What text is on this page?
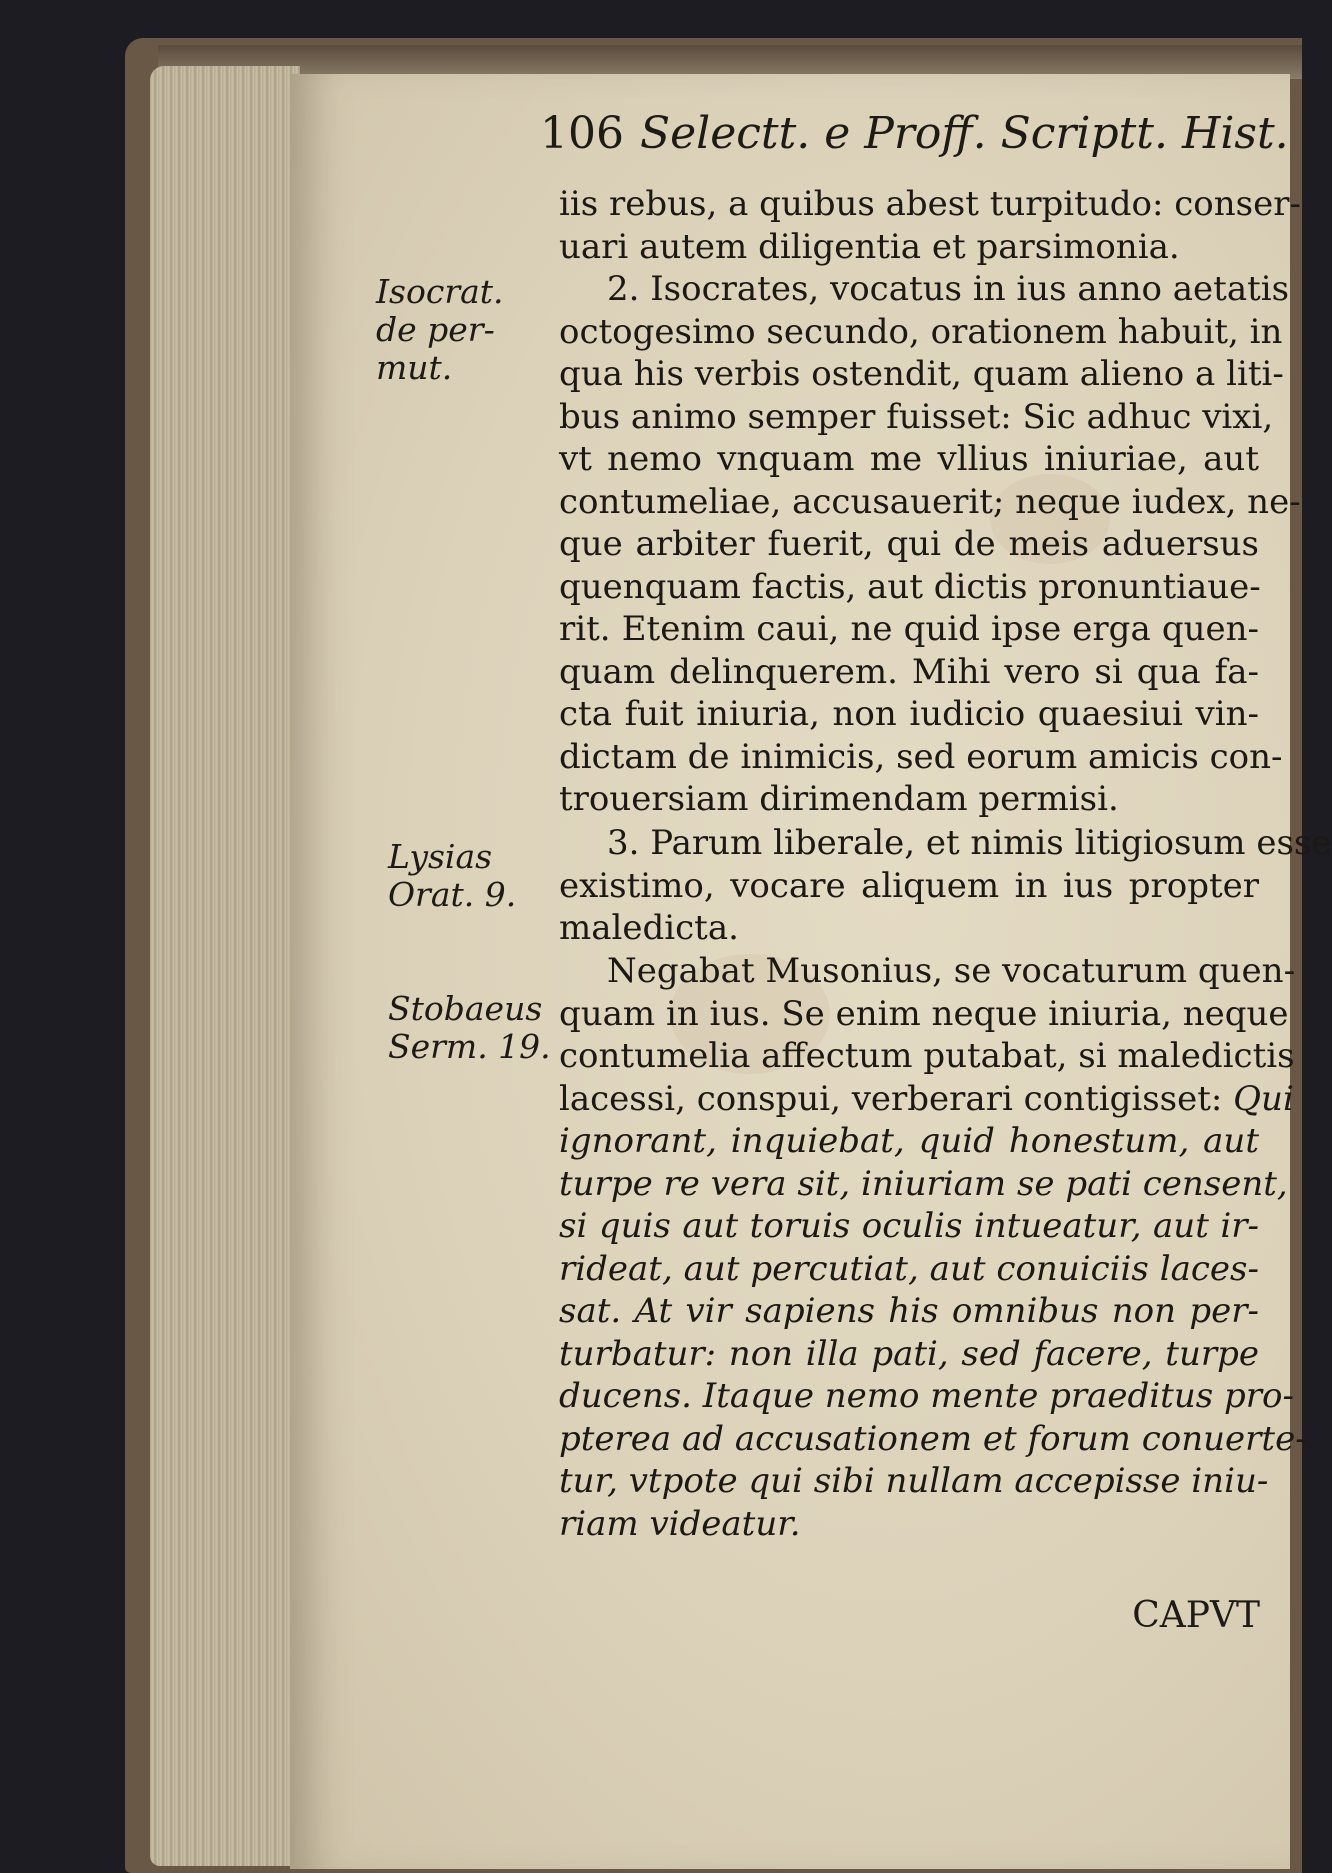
106 Selectt. e Proff. Scriptt. Hist.

Isocrat.
de per-
mut.

Lysias
Orat. 9.

Stobaeus
Serm. 19.

iis rebus, a quibus abest turpitudo: conser-
uari autem diligentia et parsimonia.
2. Isocrates, vocatus in ius anno aetatis
octogesimo secundo, orationem habuit, in
qua his verbis ostendit, quam alieno a liti-
bus animo semper fuisset: Sic adhuc vixi,
vt nemo vnquam me vllius iniuriae, aut
contumeliae, accusauerit; neque iudex, ne-
que arbiter fuerit, qui de meis aduersus
quenquam factis, aut dictis pronuntiaue-
rit. Etenim caui, ne quid ipse erga quen-
quam delinquerem. Mihi vero si qua fa-
cta fuit iniuria, non iudicio quaesiui vin-
dictam de inimicis, sed eorum amicis con-
trouersiam dirimendam permisi.
3. Parum liberale, et nimis litigiosum esse
existimo, vocare aliquem in ius propter
maledicta.
Negabat Musonius, se vocaturum quen-
quam in ius. Se enim neque iniuria, neque
contumelia affectum putabat, si maledictis
lacessi, conspui, verberari contigisset: Qui
ignorant, inquiebat, quid honestum, aut
turpe re vera sit, iniuriam se pati censent,
si quis aut toruis oculis intueatur, aut ir-
rideat, aut percutiat, aut conuiciis laces-
sat. At vir sapiens his omnibus non per-
turbatur: non illa pati, sed facere, turpe
ducens. Itaque nemo mente praeditus pro-
pterea ad accusationem et forum conuerte-
tur, vtpote qui sibi nullam accepisse iniu-
riam videatur.

CAPVT
